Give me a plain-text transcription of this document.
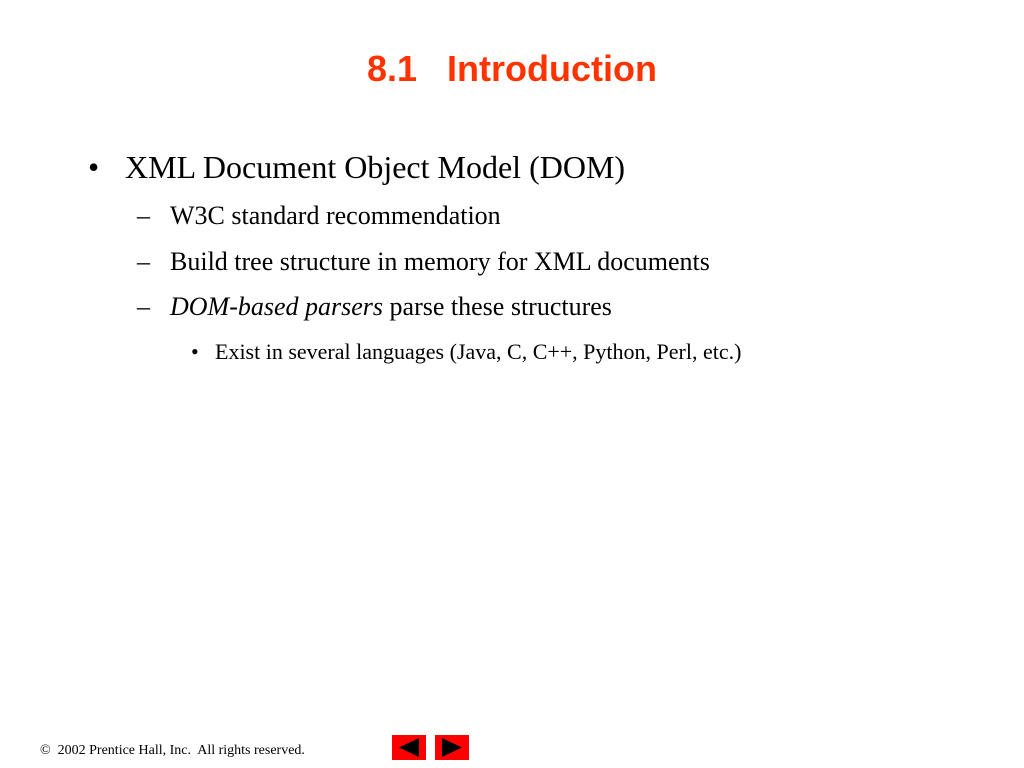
8.1   Introduction
• XML Document Object Model (DOM)
– W3C standard recommendation
– Build tree structure in memory for XML documents
– DOM-based parsers parse these structures
• Exist in several languages (Java, C, C++, Python, Perl, etc.)
©  2002 Prentice Hall, Inc.  All rights reserved.
